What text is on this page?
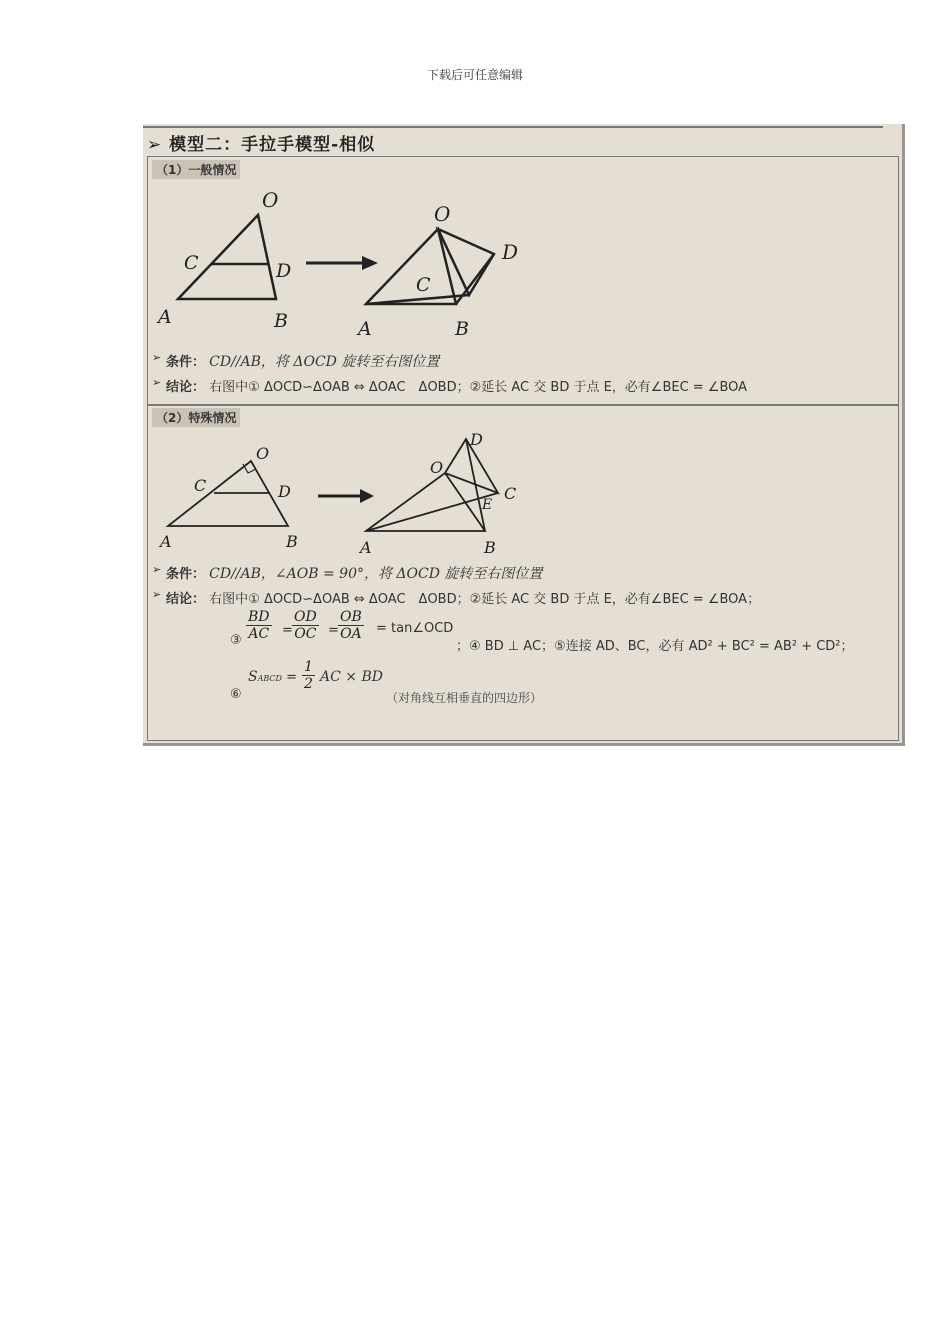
下载后可任意编辑
➢ 模型二：手拉手模型-相似
（1）一般情况
O
C	D
A	B
O
C
D
A	B
➢ 条件： CD//AB，将 ΔOCD 旋转至右图位置
➢ 结论： 右图中① ΔOCD∽ΔOAB ⇔ ΔOAC　ΔOBD；②延长 AC 交 BD 于点 E，必有∠BEC = ∠BOA
（2）特殊情况
O
C	D
A	B
O
D
C
E
A	B
➢ 条件： CD//AB，∠AOB = 90°，将 ΔOCD 旋转至右图位置
➢ 结论： 右图中① ΔOCD∽ΔOAB ⇔ ΔOAC　ΔOBD；②延长 AC 交 BD 于点 E，必有∠BEC = ∠BOA；
③ $\frac{BD}{AC} = \frac{OD}{OC} = \frac{OB}{OA}$ = tan∠OCD
；④ BD ⊥ AC；⑤连接 AD、BC，必有 AD² + BC² = AB² + CD²；
⑥
SABCD = $\frac{1}{2}$ AC × BD
（对角线互相垂直的四边形）
